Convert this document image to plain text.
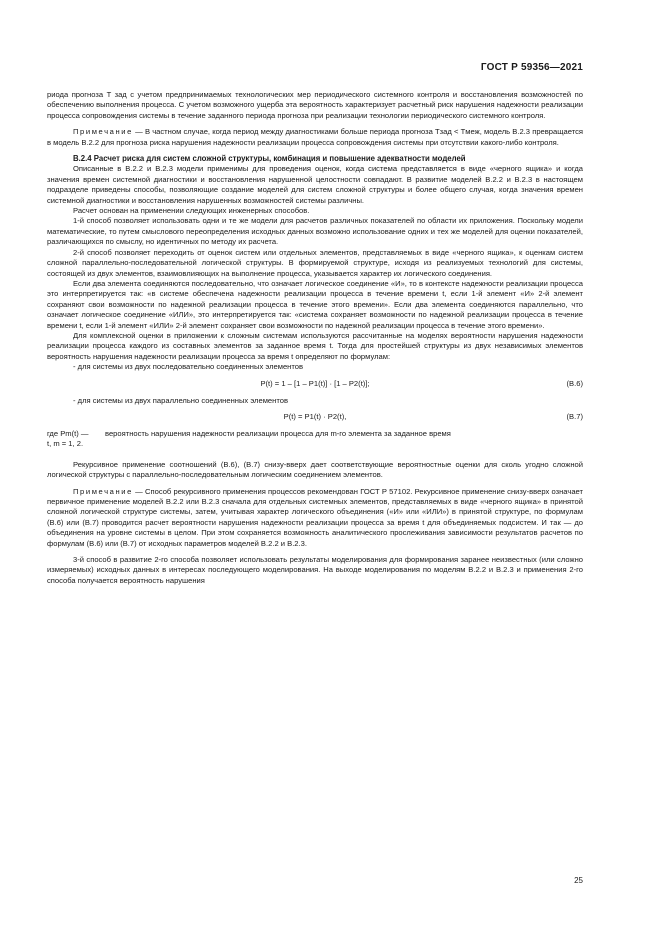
ГОСТ Р 59356—2021

риода прогноза T зад с учетом предпринимаемых технологических мер периодического системного контроля и восстановления возможностей по обеспечению выполнения процесса. С учетом возможного ущерба эта вероятность характеризует расчетный риск нарушения надежности реализации процесса сопровождения системы в течение заданного периода прогноза при реализации технологии периодического системного контроля.

Примечание — В частном случае, когда период между диагностиками больше периода прогноза Tзад < Tмеж, модель В.2.3 превращается в модель В.2.2 для прогноза риска нарушения надежности реализации процесса сопровождения системы при отсутствии какого-либо контроля.

В.2.4 Расчет риска для систем сложной структуры, комбинация и повышение адекватности моделей

Описанные в В.2.2 и В.2.3 модели применимы для проведения оценок, когда система представляется в виде «черного ящика» и когда значения времен системной диагностики и восстановления нарушенной целостности совпадают. В развитие моделей В.2.2 и В.2.3 в настоящем подразделе приведены способы, позволяющие создание моделей для систем сложной структуры и более общего случая, когда значения времен системной диагностики и восстановления нарушенных возможностей системы различны.

Расчет основан на применении следующих инженерных способов.

1-й способ позволяет использовать одни и те же модели для расчетов различных показателей по области их приложения. Поскольку модели математические, то путем смыслового переопределения исходных данных возможно использование одних и тех же моделей для оценки показателей, различающихся по смыслу, но идентичных по методу их расчета.

2-й способ позволяет переходить от оценок систем или отдельных элементов, представляемых в виде «черного ящика», к оценкам систем сложной параллельно-последовательной логической структуры. В формируемой структуре, исходя из реализуемых технологий для системы, состоящей из двух элементов, взаимовлияющих на выполнение процесса, указывается характер их логического соединения.

Если два элемента соединяются последовательно, что означает логическое соединение «И», то в контексте надежности реализации процесса это интерпретируется так: «в системе обеспечена надежности реализации процесса в течение времени t, если 1-й элемент «И» 2-й элемент сохраняют свои возможности по надежной реализации процесса в течение этого времени». Если два элемента соединяются параллельно, что означает логическое соединение «ИЛИ», это интерпретируется так: «система сохраняет возможности по надежной реализации процесса в течение времени t, если 1-й элемент «ИЛИ» 2-й элемент сохраняет свои возможности по надежной реализации процесса в течение этого времени».

Для комплексной оценки в приложении к сложным системам используются рассчитанные на моделях вероятности нарушения надежности реализации процесса каждого из составных элементов за заданное время t. Тогда для простейшей структуры из двух независимых элементов вероятность нарушения надежности реализации процесса за время t определяют по формулам:

- для системы из двух последовательно соединенных элементов

P(t) = 1 – [1 – P1(t)] · [1 – P2(t)];	(В.6)

- для системы из двух параллельно соединенных элементов

P(t) = P1(t) · P2(t),	(В.7)
где Pm(t) —	вероятность нарушения надежности реализации процесса для m-го элемента за заданное время

t, m = 1, 2.

Рекурсивное применение соотношений (В.6), (В.7) снизу-вверх дает соответствующие вероятностные оценки для сколь угодно сложной логической структуры с параллельно-последовательным логическим соединением элементов.

Примечание — Способ рекурсивного применения процессов рекомендован ГОСТ Р 57102. Рекурсивное применение снизу-вверх означает первичное применение моделей В.2.2 или В.2.3 сначала для отдельных системных элементов, представляемых в виде «черного ящика» в принятой сложной логической структуре системы, затем, учитывая характер логического объединения («И» или «ИЛИ») в принятой структуре, по формулам (В.6) или (В.7) проводится расчет вероятности нарушения надежности реализации процесса за время t для объединяемых подсистем. И так — до объединения на уровне системы в целом. При этом сохраняется возможность аналитического прослеживания зависимости результатов расчетов по формулам (В.6) или (В.7) от исходных параметров моделей В.2.2 и В.2.3.

3-й способ в развитие 2-го способа позволяет использовать результаты моделирования для формирования заранее неизвестных (или сложно измеряемых) исходных данных в интересах последующего моделирования. На выходе моделирования по моделям В.2.2 и В.2.3 и применения 2-го способа получается вероятность нарушения

25
